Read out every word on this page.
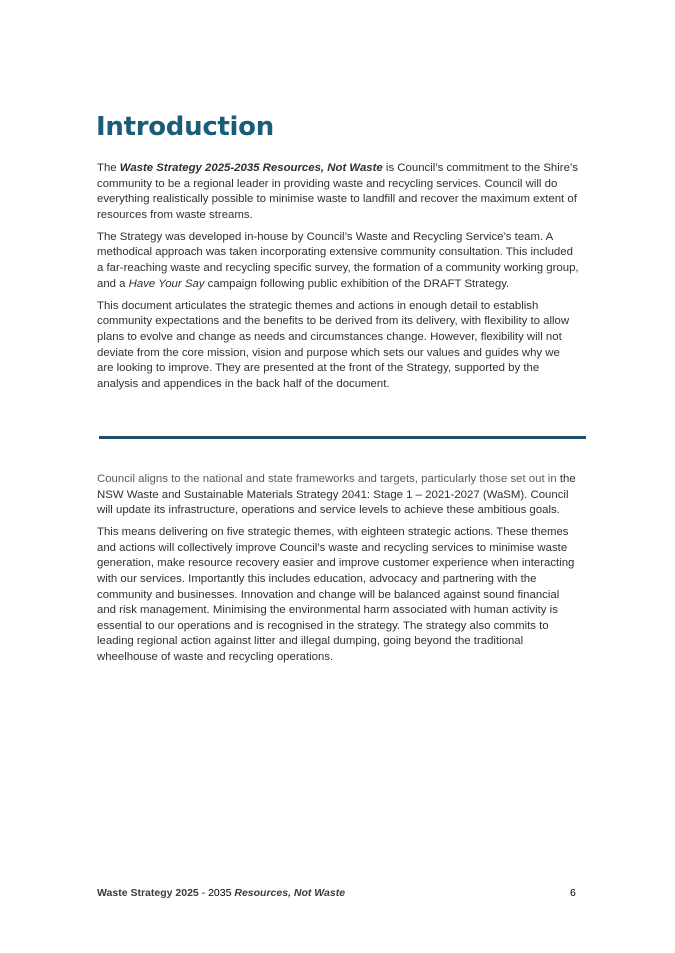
Introduction

The Waste Strategy 2025-2035 Resources, Not Waste is Council’s commitment to the Shire’s community to be a regional leader in providing waste and recycling services. Council will do everything realistically possible to minimise waste to landfill and recover the maximum extent of resources from waste streams.

The Strategy was developed in-house by Council’s Waste and Recycling Service’s team. A methodical approach was taken incorporating extensive community consultation. This included a far-reaching waste and recycling specific survey, the formation of a community working group, and a Have Your Say campaign following public exhibition of the DRAFT Strategy.

This document articulates the strategic themes and actions in enough detail to establish community expectations and the benefits to be derived from its delivery, with flexibility to allow plans to evolve and change as needs and circumstances change. However, flexibility will not deviate from the core mission, vision and purpose which sets our values and guides why we are looking to improve. They are presented at the front of the Strategy, supported by the analysis and appendices in the back half of the document.

Council aligns to the national and state frameworks and targets, particularly those set out in the NSW Waste and Sustainable Materials Strategy 2041: Stage 1 – 2021-2027 (WaSM). Council will update its infrastructure, operations and service levels to achieve these ambitious goals.

This means delivering on five strategic themes, with eighteen strategic actions. These themes and actions will collectively improve Council’s waste and recycling services to minimise waste generation, make resource recovery easier and improve customer experience when interacting with our services. Importantly this includes education, advocacy and partnering with the community and businesses. Innovation and change will be balanced against sound financial and risk management. Minimising the environmental harm associated with human activity is essential to our operations and is recognised in the strategy. The strategy also commits to leading regional action against litter and illegal dumping, going beyond the traditional wheelhouse of waste and recycling operations.

Waste Strategy 2025 - 2035 Resources, Not Waste	6
